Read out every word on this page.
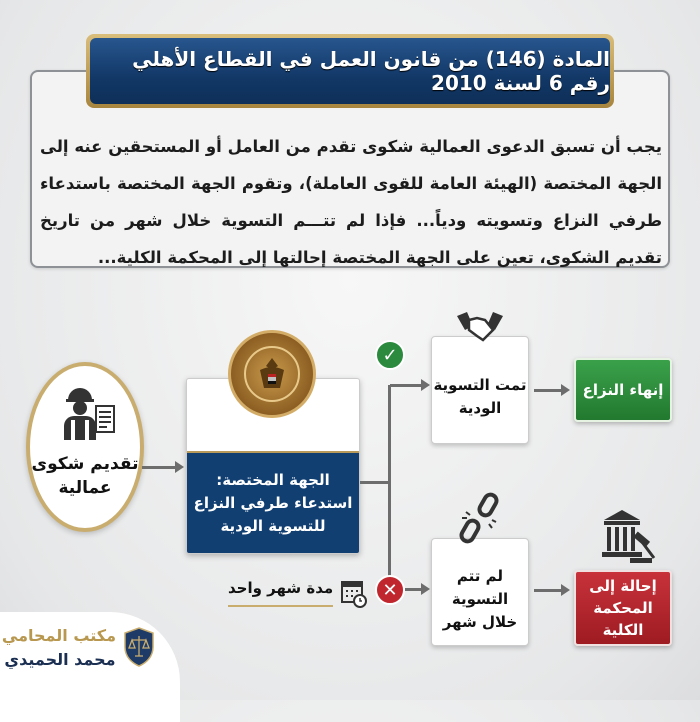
المادة (146) من قانون العمل في القطاع الأهلي رقم 6 لسنة 2010
يجب أن تسبق الدعوى العمالية شكوى تقدم من العامل أو المستحقين عنه إلى الجهة المختصة (الهيئة العامة للقوى العاملة)، وتقوم الجهة المختصة باستدعاء طرفي النزاع وتسويته ودياً... فإذا لم تتـــم التسوية خلال شهر من تاريخ تقديم الشكوى، تعين على الجهة المختصة إحالتها إلى المحكمة الكلية...
تقديم شكوى
عمالية	الجهة المختصة:
استدعاء طرفي النزاع
للتسوية الودية
مدة شهر واحد
✓
✕
تمت التسوية
الودية
إنهاء النزاع
لم تتم التسوية
خلال شهر
إحالة إلى
المحكمة الكلية
مكتب المحامي
محمد الحميدي
